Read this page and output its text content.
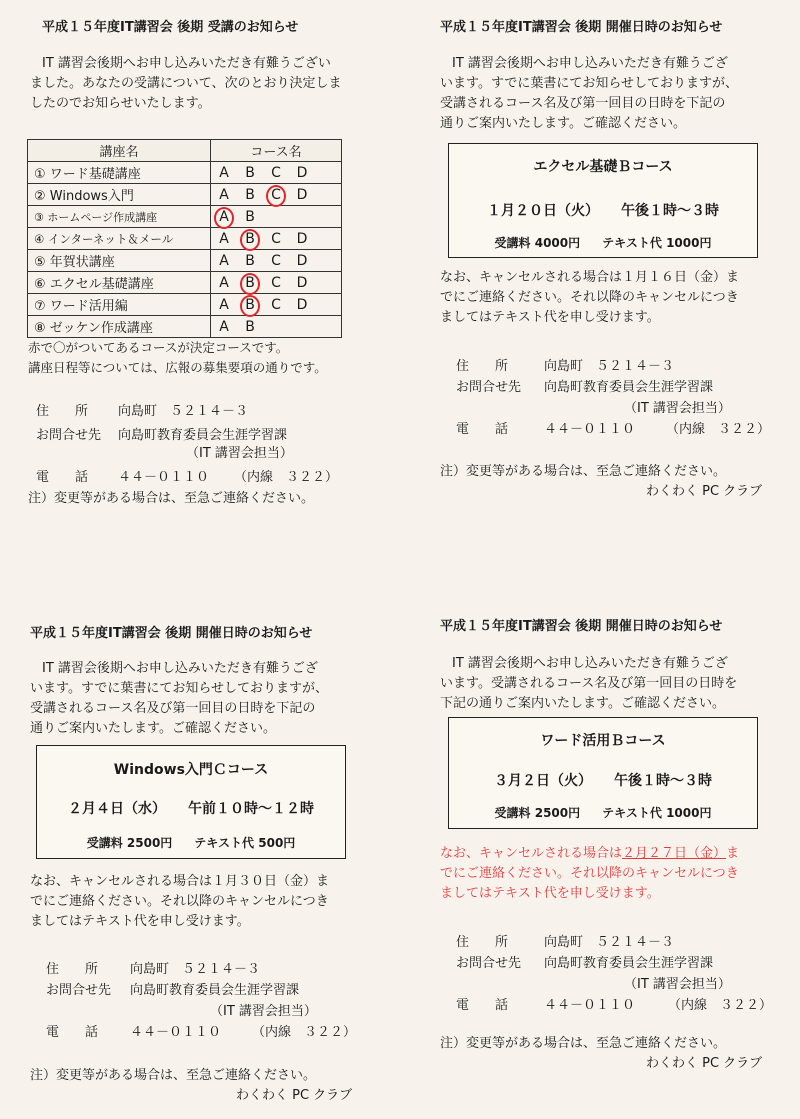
平成１５年度IT講習会 後期 受講のお知らせ
IT 講習会後期へお申し込みいただき有難うござい
ました。あなたの受講について、次のとおり決定しま
したのでお知らせいたします。
講座名	コース名
① ワード基礎講座	A B C D
② Windows入門	A B C D
③ ホームページ作成講座	A B
④ インターネット＆メール	A B C D
⑤ 年賀状講座	A B C D
⑥ エクセル基礎講座	A B C D
⑦ ワード活用編	A B C D
⑧ ゼッケン作成講座	A B
赤で〇がついてあるコースが決定コースです。
講座日程等については、広報の募集要項の通りです。
住　　所 向島町　５２１４－３
お問合せ先 向島町教育委員会生涯学習課
（IT 講習会担当）
電　　話 ４４－０１１０ （内線　３２２）
注）変更等がある場合は、至急ご連絡ください。
平成１５年度IT講習会 後期 開催日時のお知らせ
IT 講習会後期へお申し込みいただき有難うござ
います。すでに葉書にてお知らせしておりますが、
受講されるコース名及び第一回目の日時を下記の
通りご案内いたします。ご確認ください。
エクセル基礎Ｂコース
１月２０日（火） 午後１時～３時
受講料 4000円 テキスト代 1000円
なお、キャンセルされる場合は１月１６日（金）ま
でにご連絡ください。それ以降のキャンセルにつき
ましてはテキスト代を申し受けます。
住　　所	向島町　５２１４－３
お問合せ先 向島町教育委員会生涯学習課
（IT 講習会担当）
電　　話	４４－０１１０ （内線　３２２）
注）変更等がある場合は、至急ご連絡ください。
わくわく PC クラブ
平成１５年度IT講習会 後期 開催日時のお知らせ
IT 講習会後期へお申し込みいただき有難うござ
います。すでに葉書にてお知らせしておりますが、
受講されるコース名及び第一回目の日時を下記の
通りご案内いたします。ご確認ください。
Windows入門Ｃコース
２月４日（水） 午前１０時～１２時
受講料 2500円 テキスト代 500円
なお、キャンセルされる場合は１月３０日（金）ま
でにご連絡ください。それ以降のキャンセルにつき
ましてはテキスト代を申し受けます。
住　　所 向島町　５２１４－３
お問合せ先 向島町教育委員会生涯学習課
（IT 講習会担当）
電　　話 ４４－０１１０ （内線　３２２）
注）変更等がある場合は、至急ご連絡ください。
わくわく PC クラブ
平成１５年度IT講習会 後期 開催日時のお知らせ
IT 講習会後期へお申し込みいただき有難うござ
います。受講されるコース名及び第一回目の日時を
下記の通りご案内いたします。ご確認ください。
ワード活用Ｂコース
３月２日（火） 午後１時～３時
受講料 2500円 テキスト代 1000円
なお、キャンセルされる場合は２月２７日（金）ま
でにご連絡ください。それ以降のキャンセルにつき
ましてはテキスト代を申し受けます。
住　　所	向島町　５２１４－３
お問合せ先 向島町教育委員会生涯学習課
（IT 講習会担当）
電　　話	４４－０１１０	（内線　３２２）
注）変更等がある場合は、至急ご連絡ください。
わくわく PC クラブ
